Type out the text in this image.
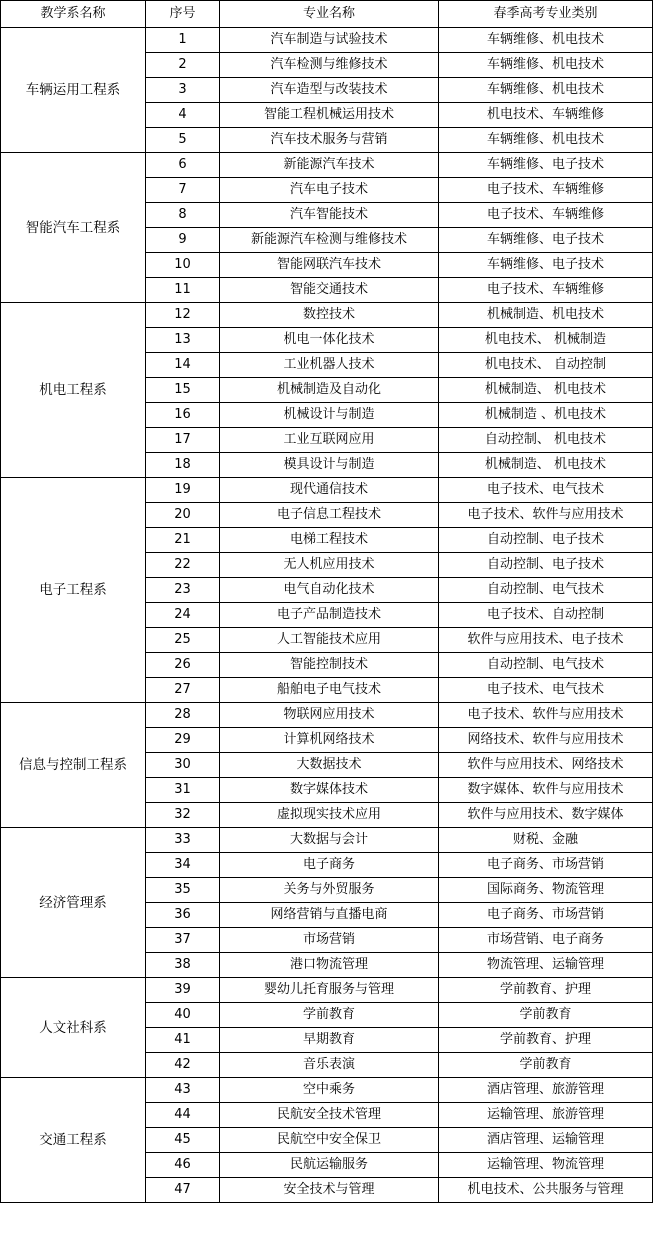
教学系名称	序号	专业名称	春季高考专业类别
车辆运用工程系	1	汽车制造与试验技术	车辆维修、机电技术
	2	汽车检测与维修技术	车辆维修、机电技术
	3	汽车造型与改装技术	车辆维修、机电技术
	4	智能工程机械运用技术	机电技术、车辆维修
	5	汽车技术服务与营销	车辆维修、机电技术
智能汽车工程系	6	新能源汽车技术	车辆维修、电子技术
	7	汽车电子技术	电子技术、车辆维修
	8	汽车智能技术	电子技术、车辆维修
	9	新能源汽车检测与维修技术	车辆维修、电子技术
	10	智能网联汽车技术	车辆维修、电子技术
	11	智能交通技术	电子技术、车辆维修
机电工程系	12	数控技术	机械制造、机电技术
	13	机电一体化技术	机电技术、 机械制造
	14	工业机器人技术	机电技术、 自动控制
	15	机械制造及自动化	机械制造、 机电技术
	16	机械设计与制造	机械制造 、机电技术
	17	工业互联网应用	自动控制、 机电技术
	18	模具设计与制造	机械制造、 机电技术
电子工程系	19	现代通信技术	电子技术、电气技术
	20	电子信息工程技术	电子技术、软件与应用技术
	21	电梯工程技术	自动控制、电子技术
	22	无人机应用技术	自动控制、电子技术
	23	电气自动化技术	自动控制、电气技术
	24	电子产品制造技术	电子技术、自动控制
	25	人工智能技术应用	软件与应用技术、电子技术
	26	智能控制技术	自动控制、电气技术
	27	船舶电子电气技术	电子技术、电气技术
信息与控制工程系	28	物联网应用技术	电子技术、软件与应用技术
	29	计算机网络技术	网络技术、软件与应用技术
	30	大数据技术	软件与应用技术、网络技术
	31	数字媒体技术	数字媒体、软件与应用技术
	32	虚拟现实技术应用	软件与应用技术、数字媒体
经济管理系	33	大数据与会计	财税、金融
	34	电子商务	电子商务、市场营销
	35	关务与外贸服务	国际商务、物流管理
	36	网络营销与直播电商	电子商务、市场营销
	37	市场营销	市场营销、电子商务
	38	港口物流管理	物流管理、运输管理
人文社科系	39	婴幼儿托育服务与管理	学前教育、护理
	40	学前教育	学前教育
	41	早期教育	学前教育、护理
	42	音乐表演	学前教育
交通工程系	43	空中乘务	酒店管理、旅游管理
	44	民航安全技术管理	运输管理、旅游管理
	45	民航空中安全保卫	酒店管理、运输管理
	46	民航运输服务	运输管理、物流管理
	47	安全技术与管理	机电技术、公共服务与管理
